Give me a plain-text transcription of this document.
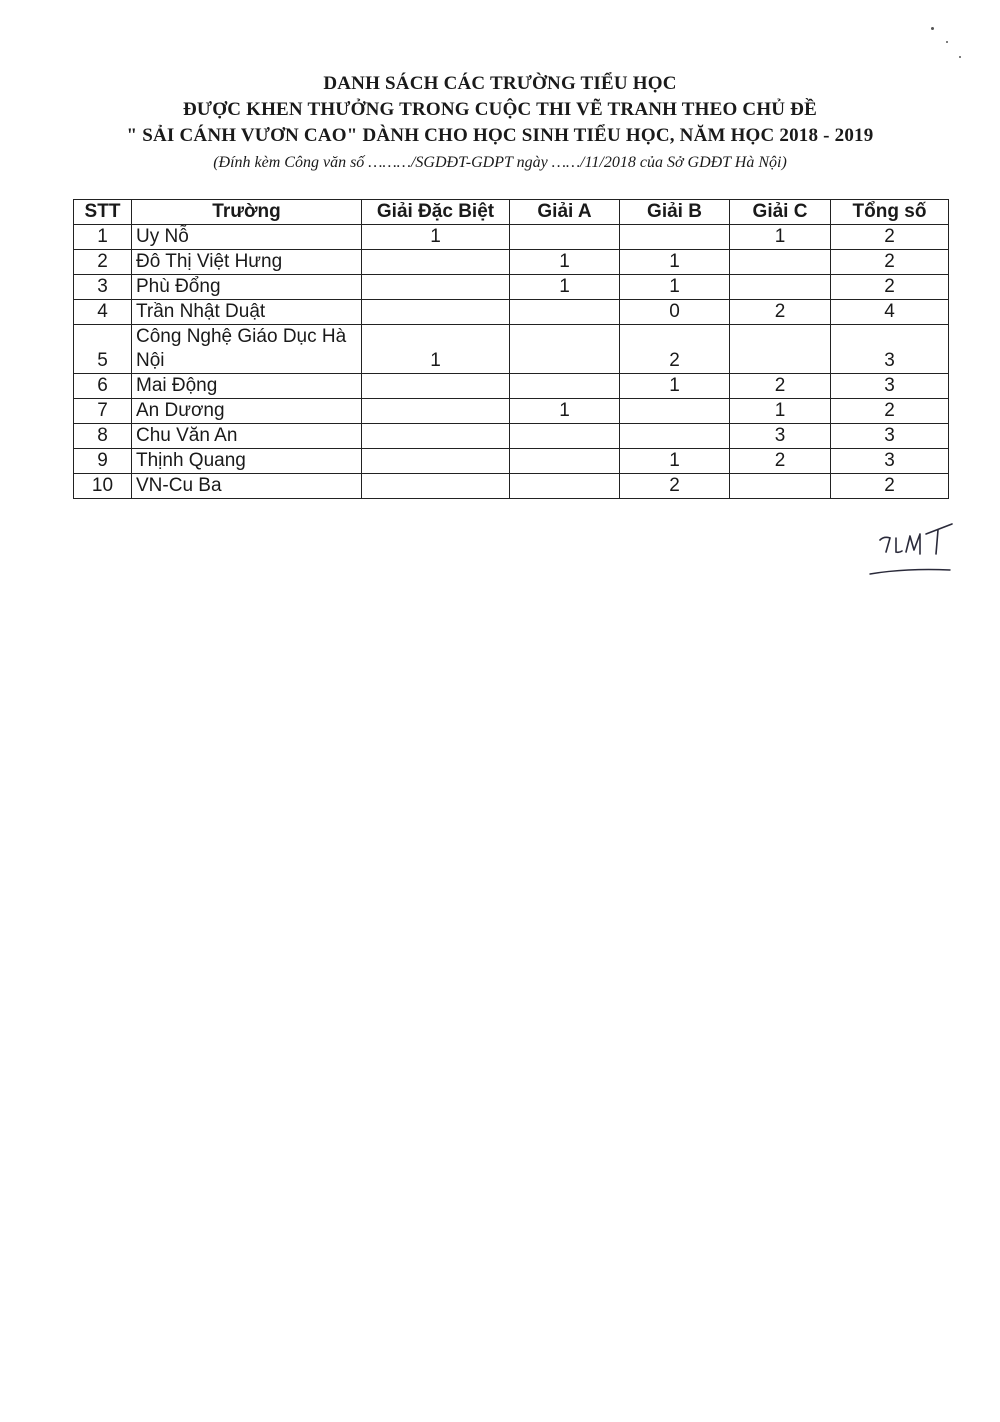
DANH SÁCH CÁC TRƯỜNG TIỂU HỌC
ĐƯỢC KHEN THƯỞNG TRONG CUỘC THI VẼ TRANH THEO CHỦ ĐỀ
" SẢI CÁNH VƯƠN CAO" DÀNH CHO HỌC SINH TIỂU HỌC, NĂM HỌC 2018 - 2019
(Đính kèm Công văn số ………/SGDĐT-GDPT ngày ……/11/2018 của Sở GDĐT Hà Nội)
STT	Trường	Giải Đặc Biệt	Giải A	Giải B	Giải C	Tổng số
1	Uy Nỗ	1			1	2
2	Đô Thị Việt Hưng		1	1		2
3	Phù Đổng		1	1		2
4	Trần Nhật Duật			0	2	4
5	Công Nghệ Giáo Dục Hà Nội	1		2		3
6	Mai Động			1	2	3
7	An Dương		1		1	2
8	Chu Văn An				3	3
9	Thịnh Quang			1	2	3
10	VN-Cu Ba			2		2
